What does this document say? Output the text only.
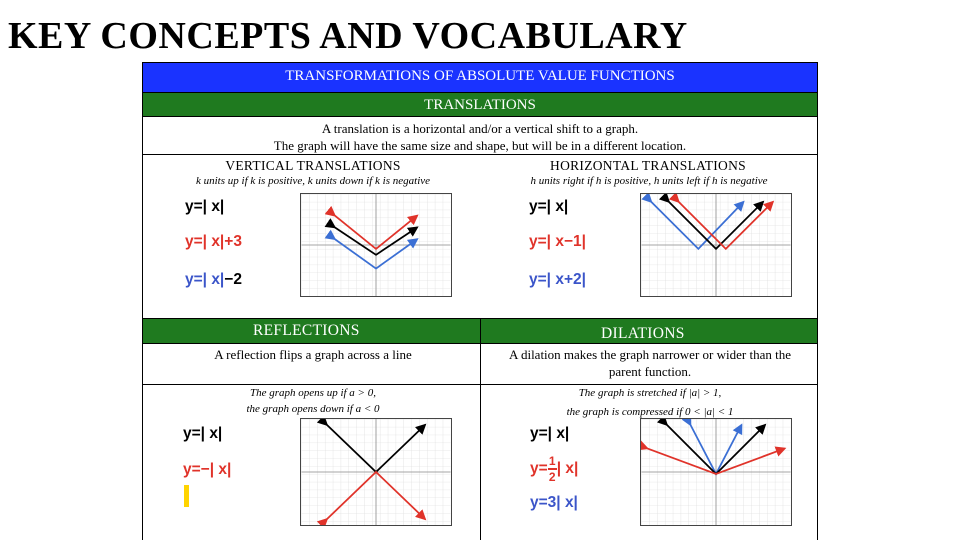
KEY CONCEPTS AND VOCABULARY
TRANSFORMATIONS OF ABSOLUTE VALUE FUNCTIONS
TRANSLATIONS
A translation is a horizontal and/or a vertical shift to a graph.
The graph will have the same size and shape, but will be in a different location.
VERTICAL TRANSLATIONS
k units up if k is positive, k units down if k is negative
y=| x|
y=| x|+3
y=| x|−2
HORIZONTAL TRANSLATIONS
h units right if h is positive, h units left if h is negative
y=| x|
y=| x−1|
y=| x+2|
REFLECTIONS	DILATIONS
A reflection flips a graph across a line	A dilation makes the graph narrower or wider than the parent function.
The graph opens up if a > 0,
the graph opens down if a < 0
The graph is stretched if |a| > 1,
the graph is compressed if 0 < |a| < 1
y=| x|
y=−| x|
y=| x|
$y= \frac{1}{2}$ | x|
y=3| x|
